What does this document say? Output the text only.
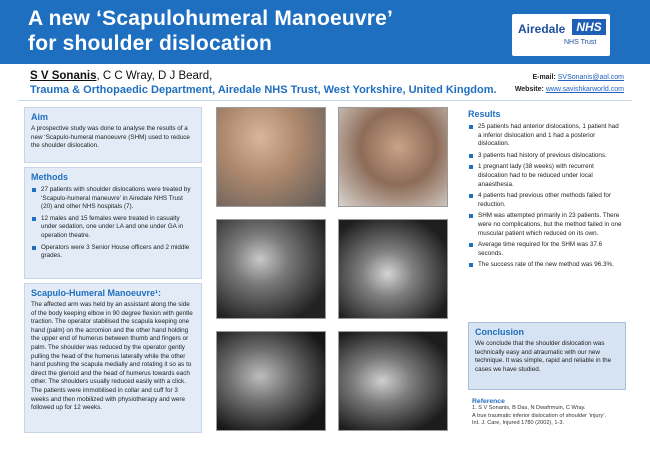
A new ‘Scapulohumeral Manoeuvre’
for shoulder dislocation
Airedale NHS
NHS Trust
S V Sonanis, C C Wray, D J Beard,
Trauma & Orthopaedic Department, Airedale NHS Trust, West Yorkshire, United Kingdom.
E-mail: SVSonanis@aol.com
Website: www.savishkarworld.com
Aim
A prospective study was done to analyse the results of a new ‘Scapulo-humeral manoeuvre (SHM) used to reduce the shoulder dislocation.
Methods
27 patients with shoulder dislocations were treated by ‘Scapulo-humeral maneuvre’ in Airedale NHS Trust (20) and other NHS hospitals (7).
12 males and 15 females were treated in casualty under sedation, one under LA and one under GA in operation theatre.
Operators were 3 Senior House officers and 2 middle grades.
Scapulo-Humeral Manoeuvre¹:
The affected arm was held by an assistant along the side of the body keeping elbow in 90 degree flexion with gentle traction. The operator stabilised the scapula keeping one hand (palm) on the acromion and the other hand holding the upper end of humerus between thumb and fingers or palm. The shoulder was reduced by the operator gently pulling the head of the humerus laterally while the other hand pushing the scapula medially and rotating it so as to direct the glenoid and the head of humerus towards each other. The shoulders usually reduced easily with a click. The patients were immobilised in collar and cuff for 3 weeks and then mobilized with physiotherapy and were followed up for 12 weeks.
Results
25 patients had anterior dislocations, 1 patient had a inferior dislocation and 1 had a posterior dislocation.
3 patients had history of previous dislocations.
1 pregnant lady (38 weeks) with recurrent dislocation had to be reduced under local anaesthesia.
4 patients had previous other methods failed for reduction.
SHM was attempted primarily in 23 patients. There were no complications, but the method failed in one muscular patient which reduced on its own.
Average time required for the SHM was 37.6 seconds.
The success rate of the new method was 96.3%.
Conclusion
We conclude that the shoulder dislocation was technically easy and atraumatic with our new technique. It was simple, rapid and reliable in the cases we have studied.
Reference
1. S V Sonanis, B Das, N Dwafrmuin, C Wray.
A true traumatic inferior dislocation of shoulder ‘injury’.
Int. J. Care, Injured 1780 (2002), 1-3.
